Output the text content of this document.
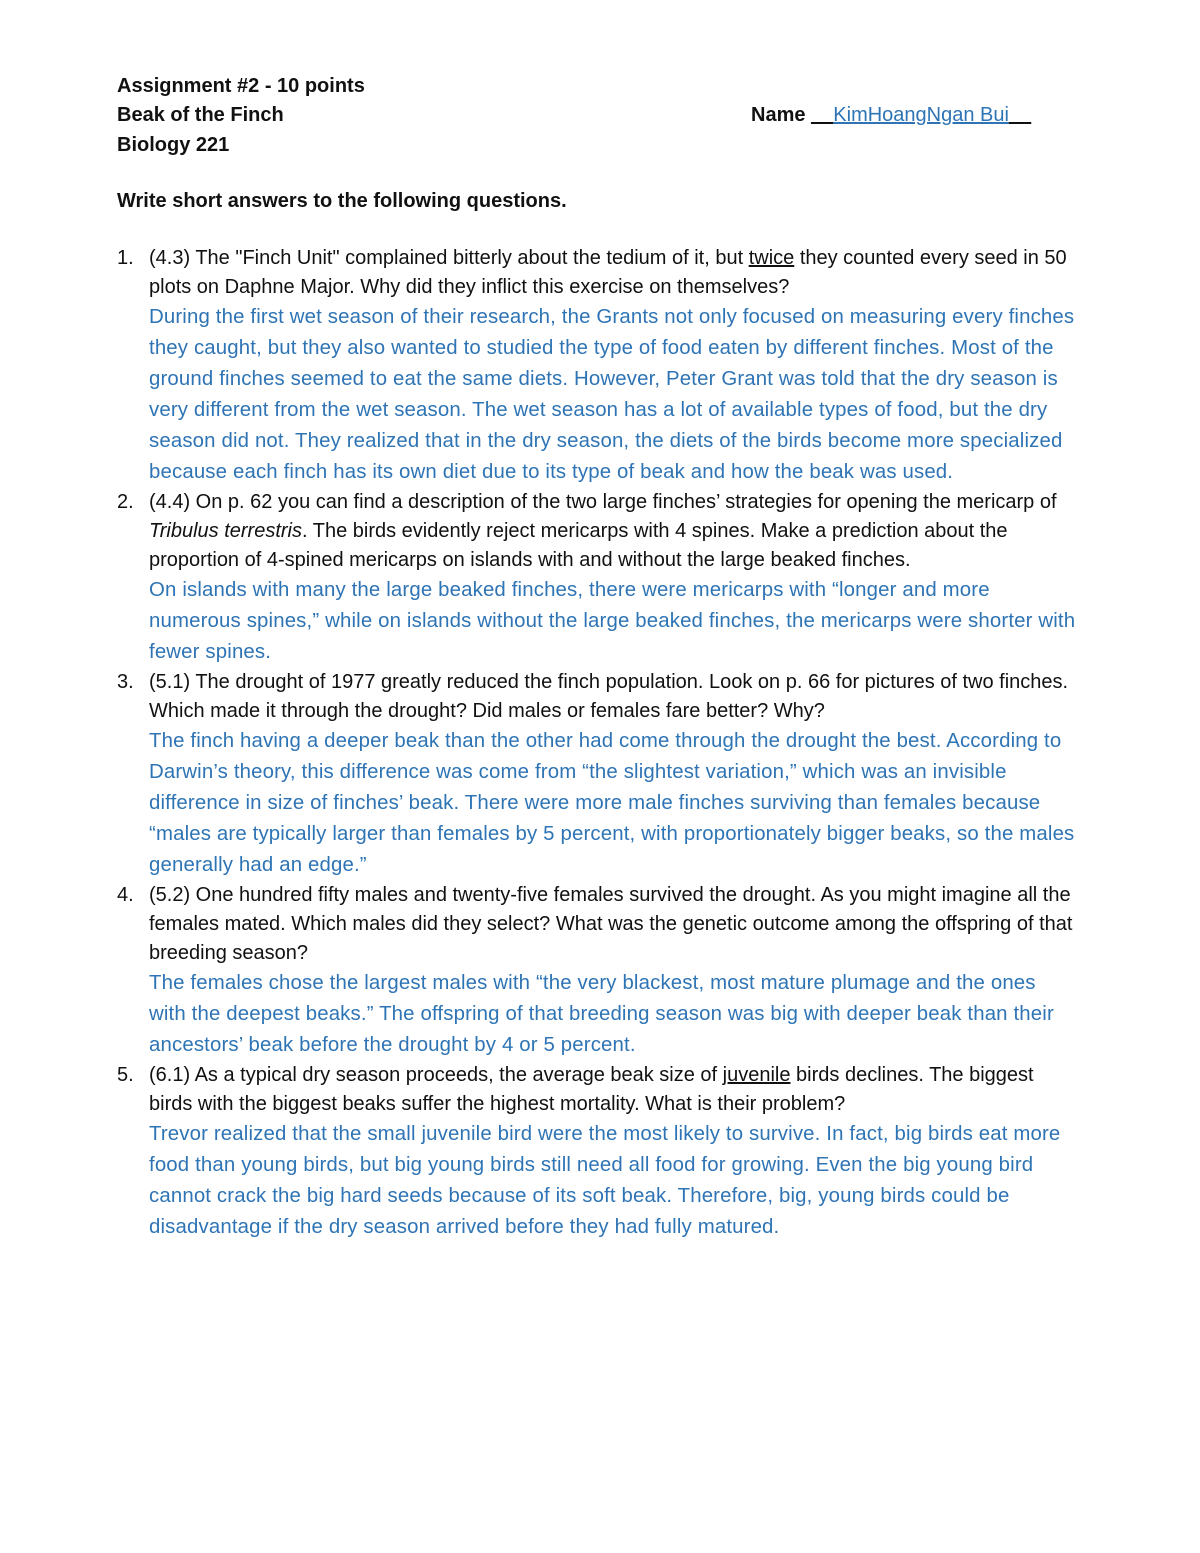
Assignment #2 - 10 points
Beak of the Finch
Biology 221
Name __KimHoangNgan Bui__
Write short answers to the following questions.
1. (4.3) The "Finch Unit" complained bitterly about the tedium of it, but twice they counted every seed in 50 plots on Daphne Major. Why did they inflict this exercise on themselves?
During the first wet season of their research, the Grants not only focused on measuring every finches they caught, but they also wanted to studied the type of food eaten by different finches. Most of the ground finches seemed to eat the same diets. However, Peter Grant was told that the dry season is very different from the wet season. The wet season has a lot of available types of food, but the dry season did not. They realized that in the dry season, the diets of the birds become more specialized because each finch has its own diet due to its type of beak and how the beak was used.
2. (4.4) On p. 62 you can find a description of the two large finches’ strategies for opening the mericarp of Tribulus terrestris. The birds evidently reject mericarps with 4 spines. Make a prediction about the proportion of 4-spined mericarps on islands with and without the large beaked finches.
On islands with many the large beaked finches, there were mericarps with “longer and more numerous spines,” while on islands without the large beaked finches, the mericarps were shorter with fewer spines.
3. (5.1) The drought of 1977 greatly reduced the finch population. Look on p. 66 for pictures of two finches. Which made it through the drought? Did males or females fare better? Why?
The finch having a deeper beak than the other had come through the drought the best. According to Darwin’s theory, this difference was come from “the slightest variation,” which was an invisible difference in size of finches’ beak. There were more male finches surviving than females because “males are typically larger than females by 5 percent, with proportionately bigger beaks, so the males generally had an edge.”
4. (5.2) One hundred fifty males and twenty-five females survived the drought. As you might imagine all the females mated. Which males did they select? What was the genetic outcome among the offspring of that breeding season?
The females chose the largest males with “the very blackest, most mature plumage and the ones with the deepest beaks.” The offspring of that breeding season was big with deeper beak than their ancestors’ beak before the drought by 4 or 5 percent.
5. (6.1) As a typical dry season proceeds, the average beak size of juvenile birds declines. The biggest birds with the biggest beaks suffer the highest mortality. What is their problem?
Trevor realized that the small juvenile bird were the most likely to survive. In fact, big birds eat more food than young birds, but big young birds still need all food for growing. Even the big young bird cannot crack the big hard seeds because of its soft beak. Therefore, big, young birds could be disadvantage if the dry season arrived before they had fully matured.
